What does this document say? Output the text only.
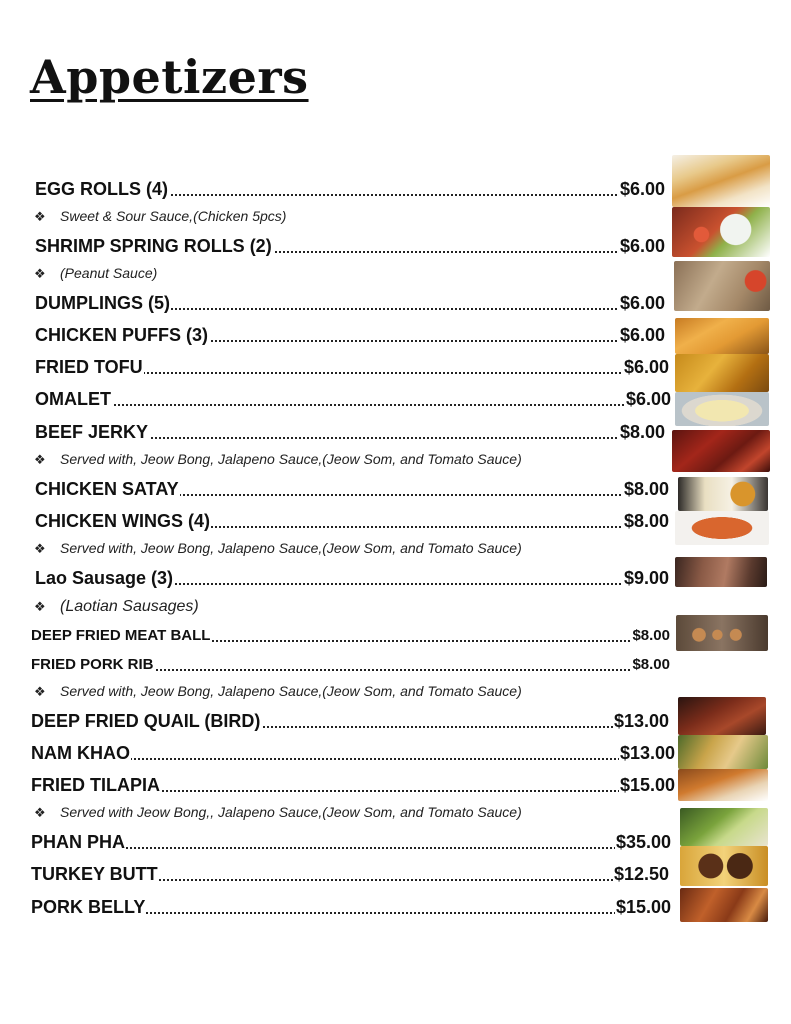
Appetizers
EGG ROLLS (4)	$6.00
❖ Sweet & Sour Sauce,(Chicken 5pcs)
SHRIMP SPRING ROLLS (2)	$6.00
❖ (Peanut Sauce)
DUMPLINGS (5)	$6.00
CHICKEN PUFFS (3)	$6.00
FRIED TOFU	$6.00
OMALET	$6.00
BEEF JERKY	$8.00
❖ Served with, Jeow Bong, Jalapeno Sauce,(Jeow Som, and Tomato Sauce)
CHICKEN SATAY	$8.00
CHICKEN WINGS (4)	$8.00
❖ Served with, Jeow Bong, Jalapeno Sauce,(Jeow Som, and Tomato Sauce)
Lao Sausage (3)	$9.00
❖ (Laotian Sausages)
DEEP FRIED MEAT BALL	$8.00
FRIED PORK RIB	$8.00
❖ Served with, Jeow Bong, Jalapeno Sauce,(Jeow Som, and Tomato Sauce)
DEEP FRIED QUAIL (BIRD)	$13.00
NAM KHAO	$13.00
FRIED TILAPIA	$15.00
❖ Served with Jeow Bong,, Jalapeno Sauce,(Jeow Som, and Tomato Sauce)
PHAN PHA	$35.00
TURKEY BUTT	$12.50
PORK BELLY	$15.00
